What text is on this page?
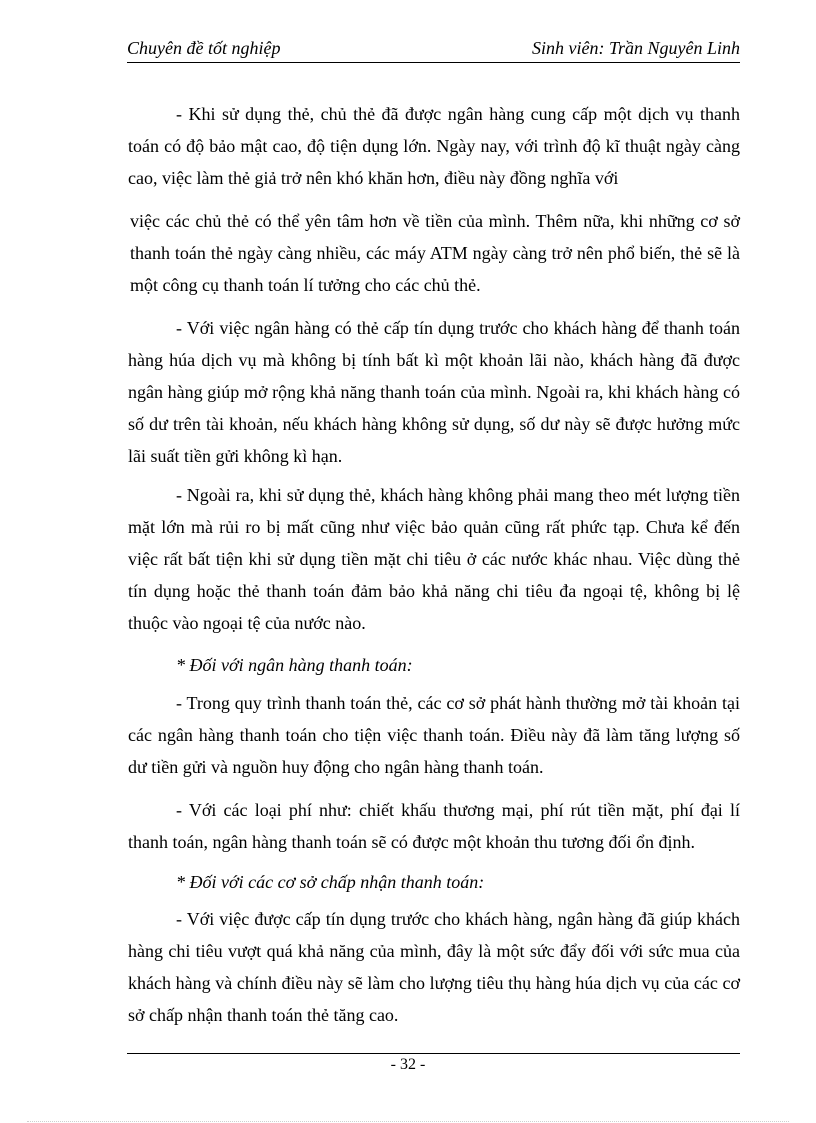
Chuyên đề tốt nghiệp	Sinh viên: Trần Nguyên Linh

- Khi sử dụng thẻ, chủ thẻ đã được ngân hàng cung cấp một dịch vụ thanh toán có độ bảo mật cao, độ tiện dụng lớn. Ngày nay, với trình độ kĩ thuật ngày càng cao, việc làm thẻ giả trở nên khó khăn hơn, điều này đồng nghĩa với

việc các chủ thẻ có thể yên tâm hơn về tiền của mình. Thêm nữa, khi những cơ sở thanh toán thẻ ngày càng nhiều, các máy ATM ngày càng trở nên phổ biến, thẻ sẽ là một công cụ thanh toán lí tưởng cho các chủ thẻ.

- Với việc ngân hàng có thẻ cấp tín dụng trước cho khách hàng để thanh toán hàng húa dịch vụ mà không bị tính bất kì một khoản lãi nào, khách hàng đã được ngân hàng giúp mở rộng khả năng thanh toán của mình. Ngoài ra, khi khách hàng có số dư trên tài khoản, nếu khách hàng không sử dụng, số dư này sẽ được hưởng mức lãi suất tiền gửi không kì hạn.

- Ngoài ra, khi sử dụng thẻ, khách hàng không phải mang theo mét lượng tiền mặt lớn mà rủi ro bị mất cũng như việc bảo quản cũng rất phức tạp. Chưa kể đến việc rất bất tiện khi sử dụng tiền mặt chi tiêu ở các nước khác nhau. Việc dùng thẻ tín dụng hoặc thẻ thanh toán đảm bảo khả năng chi tiêu đa ngoại tệ, không bị lệ thuộc vào ngoại tệ của nước nào.

* Đối với ngân hàng thanh toán:

- Trong quy trình thanh toán thẻ, các cơ sở phát hành thường mở tài khoản tại các ngân hàng thanh toán cho tiện việc thanh toán. Điều này đã làm tăng lượng số dư tiền gửi và nguồn huy động cho ngân hàng thanh toán.

- Với các loại phí như: chiết khấu thương mại, phí rút tiền mặt, phí đại lí thanh toán, ngân hàng thanh toán sẽ có được một khoản thu tương đối ổn định.

* Đối với các cơ sở chấp nhận thanh toán:

- Với việc được cấp tín dụng trước cho khách hàng, ngân hàng đã giúp khách hàng chi tiêu vượt quá khả năng của mình, đây là một sức đẩy đối với sức mua của khách hàng và chính điều này sẽ làm cho lượng tiêu thụ hàng húa dịch vụ của các cơ sở chấp nhận thanh toán thẻ tăng cao.

- 32 -
